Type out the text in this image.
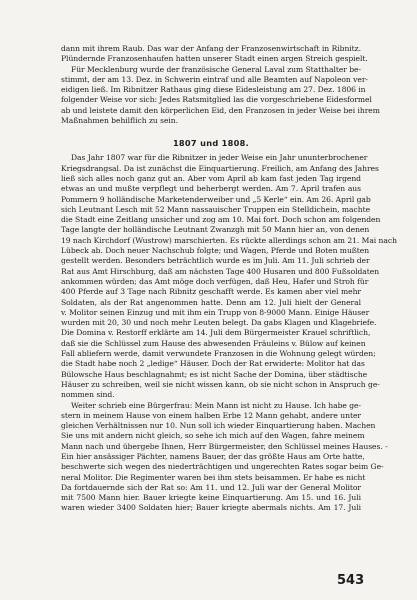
dann mit ihrem Raub. Das war der Anfang der Franzosenwirtschaft in Ribnitz.
Plünderndе Franzosenhaufen hatten unserer Stadt einen argen Streich gespielt.
Für Mecklenburg wurde der französische General Laval zum Statthalter be-
stimmt, der am 13. Dez. in Schwerin eintraf und alle Beamten auf Napoleon ver-
eidigen ließ. Im Ribnitzer Rathaus ging diese Eidesleistung am 27. Dez. 1806 in
folgender Weise vor sich: Jedes Ratsmitglied las die vorgeschriebene Eidesformel
ab und leistete damit den körperlichen Eid, den Franzosen in jeder Weise bei ihrem
Maßnahmen behilflich zu sein.
1807 und 1808.
Das Jahr 1807 war für die Ribnitzer in jeder Weise ein Jahr ununterbrochener
Kriegsdrangsal. Da ist zunächst die Einquartierung. Freilich, am Anfang des Jahres
ließ sich alles noch ganz gut an. Aber vom April ab kam fast jeden Tag irgend
etwas an und mußte verpflegt und beherbergt werden. Am 7. April trafen aus
Pommern 9 holländische Marketenderweiber und „5 Kerle“ ein. Am 26. April gab
sich Leutnant Lesch mit 52 Mann nassauischer Truppen ein Stelldichein, machte
die Stadt eine Zeitlang unsicher und zog am 10. Mai fort. Doch schon am folgenden
Tage langte der holländische Leutnant Zwanzgh mit 50 Mann hier an, von denen
19 nach Kirchdorf (Wustrow) marschierten. Es rückte allerdings schon am 21. Mai nach
Lübeck ab. Doch neuer Nachschub folgte; und Wagen, Pferde und Boten mußten
gestellt werden. Besonders beträchtlich wurde es im Juli. Am 11. Juli schrieb der
Rat aus Amt Hirschburg, daß am nächsten Tage 400 Husaren und 800 Fußsoldaten
ankommen würden; das Amt möge doch verfügen, daß Heu, Hafer und Stroh für
400 Pferde auf 3 Tage nach Ribnitz geschafft werde. Es kamen aber viel mehr
Soldaten, als der Rat angenommen hatte. Denn am 12. Juli hielt der General
v. Molitor seinen Einzug und mit ihm ein Trupp von 8-9000 Mann. Einige Häuser
wurden mit 20, 30 und noch mehr Leuten belegt. Da gabs Klagen und Klagebriefe.
Die Domina v. Restorff erklärte am 14. Juli dem Bürgermeister Krauel schriftlich,
daß sie die Schlüssel zum Hause des abwesenden Fräuleins v. Bülow auf keinen
Fall abliefern werde, damit verwundete Franzosen in die Wohnung gelegt würden;
die Stadt habe noch 2 „ledige“ Häuser. Doch der Rat erwiderte: Molitor hat das
Bülowsche Haus beschlagnahmt; es ist nicht Sache der Domina, über städtische
Häuser zu schreiben, weil sie nicht wissen kann, ob sie nicht schon in Anspruch ge-
nommen sind.
Weiter schrieb eine Bürgerfrau: Mein Mann ist nicht zu Hause. Ich habe ge-
stern in meinem Hause von einem halben Erbe 12 Mann gehabt, andere unter
gleichen Verhältnissen nur 10. Nun soll ich wieder Einquartierung haben. Machen
Sie uns mit andern nicht gleich, so sehe ich mich auf den Wagen, fahre meinem
Mann nach und übergebe Ihnen, Herr Bürgermeister, den Schlüssel meines Hauses. -
Ein hier ansässiger Pächter, namens Bauer, der das größte Haus am Orte hatte,
beschwerte sich wegen des niederträchtigen und ungerechten Rates sogar beim Ge-
neral Molitor. Die Regimenter waren bei ihm stets beisammen. Er habe es nicht
Da fortdauernde sich der Rat so: Am 11. und 12. Juli war der General Molitor
mit 7500 Mann hier. Bauer kriegte keine Einquartierung. Am 15. und 16. Juli
waren wieder 3400 Soldaten hier; Bauer kriegte abermals nichts. Am 17. Juli
543
